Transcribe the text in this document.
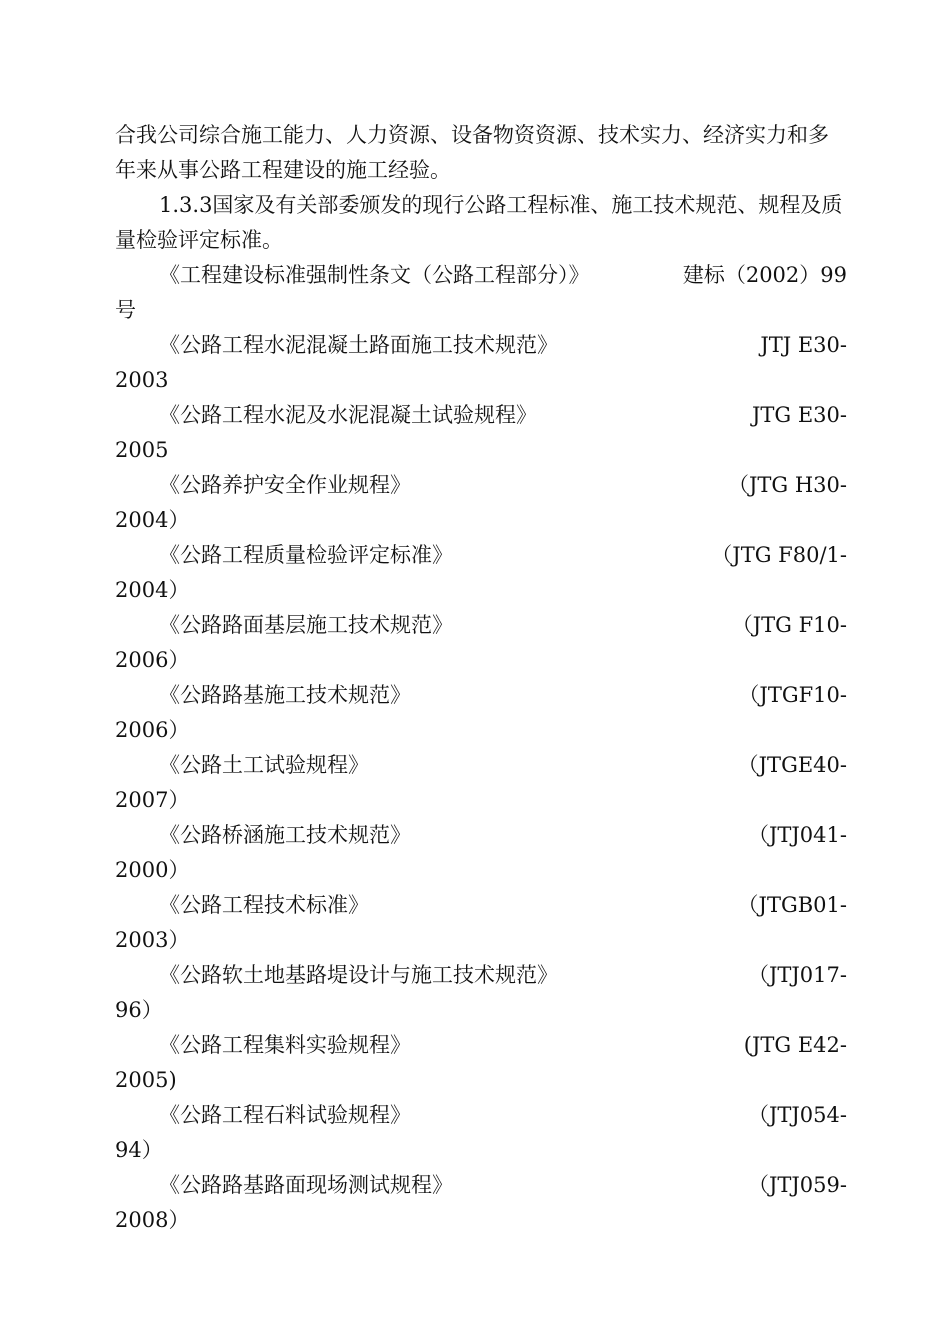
合我公司综合施工能力、人力资源、设备物资资源、技术实力、经济实力和多年来从事公路工程建设的施工经验。

1.3.3国家及有关部委颁发的现行公路工程标准、施工技术规范、规程及质量检验评定标准。

《工程建设标准强制性条文（公路工程部分）》	建标（2002）99
号
《公路工程水泥混凝土路面施工技术规范》	JTJ E30-
2003
《公路工程水泥及水泥混凝土试验规程》	JTG E30-
2005
《公路养护安全作业规程》	（JTG H30-
2004）
《公路工程质量检验评定标准》	（JTG F80/1-
2004）
《公路路面基层施工技术规范》	（JTG F10-
2006）
《公路路基施工技术规范》	（JTGF10-
2006）
《公路土工试验规程》	（JTGE40-
2007）
《公路桥涵施工技术规范》	（JTJ041-
2000）
《公路工程技术标准》	（JTGB01-
2003）
《公路软土地基路堤设计与施工技术规范》	（JTJ017-
96）
《公路工程集料实验规程》	(JTG E42-
2005)
《公路工程石料试验规程》	（JTJ054-
94）
《公路路基路面现场测试规程》	（JTJ059-
2008）
